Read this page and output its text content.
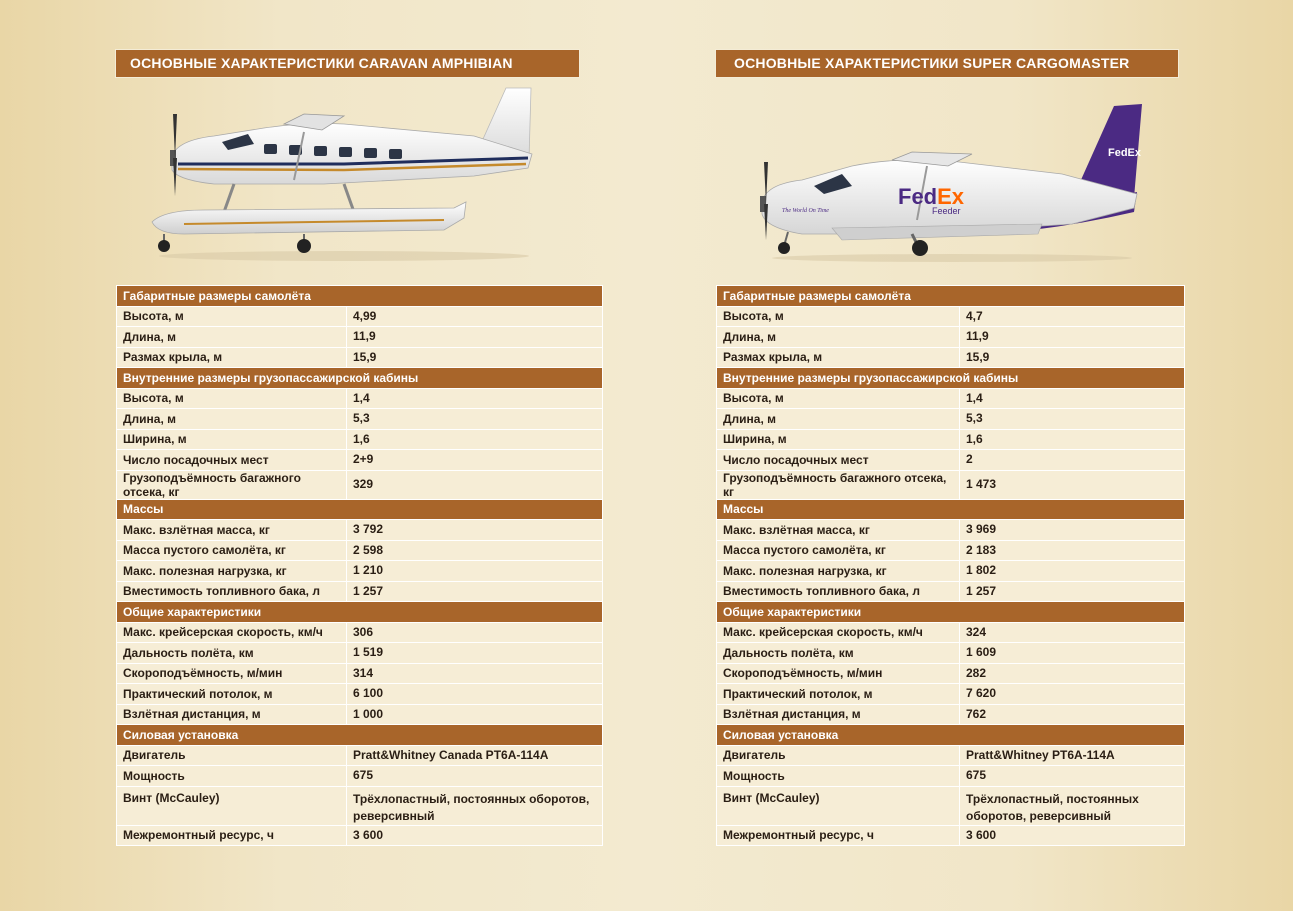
ОСНОВНЫЕ ХАРАКТЕРИСТИКИ CARAVAN AMPHIBIAN
Габаритные размеры самолёта	
Высота, м	4,99
Длина, м	11,9
Размах крыла, м	15,9
Внутренние размеры грузопассажирской кабины	
Высота, м	1,4
Длина, м	5,3
Ширина, м	1,6
Число посадочных мест	2+9
Грузоподъёмность багажного отсека, кг	329
Массы	
Макс. взлётная масса, кг	3 792
Масса пустого самолёта, кг	2 598
Макс. полезная нагрузка, кг	1 210
Вместимость топливного бака, л	1 257
Общие характеристики	
Макс. крейсерская скорость, км/ч	306
Дальность полёта, км	1 519
Скороподъёмность, м/мин	314
Практический потолок, м	6 100
Взлётная дистанция, м	1 000
Силовая установка	
Двигатель	Pratt&Whitney Canada PT6A-114A
Мощность	675
Винт (McCauley)	Трёхлопастный, постоянных оборотов, реверсивный
Межремонтный ресурс, ч	3 600
ОСНОВНЫЕ ХАРАКТЕРИСТИКИ SUPER CARGOMASTER
FedEx
FedEx
Feeder
The World On Time
Габаритные размеры самолёта	
Высота, м	4,7
Длина, м	11,9
Размах крыла, м	15,9
Внутренние размеры грузопассажирской кабины	
Высота, м	1,4
Длина, м	5,3
Ширина, м	1,6
Число посадочных мест	2
Грузоподъёмность багажного отсека, кг	1 473
Массы	
Макс. взлётная масса, кг	3 969
Масса пустого самолёта, кг	2 183
Макс. полезная нагрузка, кг	1 802
Вместимость топливного бака, л	1 257
Общие характеристики	
Макс. крейсерская скорость, км/ч	324
Дальность полёта, км	1 609
Скороподъёмность, м/мин	282
Практический потолок, м	7 620
Взлётная дистанция, м	762
Силовая установка	
Двигатель	Pratt&Whitney PT6A-114A
Мощность	675
Винт (McCauley)	Трёхлопастный, постоянных оборотов, реверсивный
Межремонтный ресурс, ч	3 600
